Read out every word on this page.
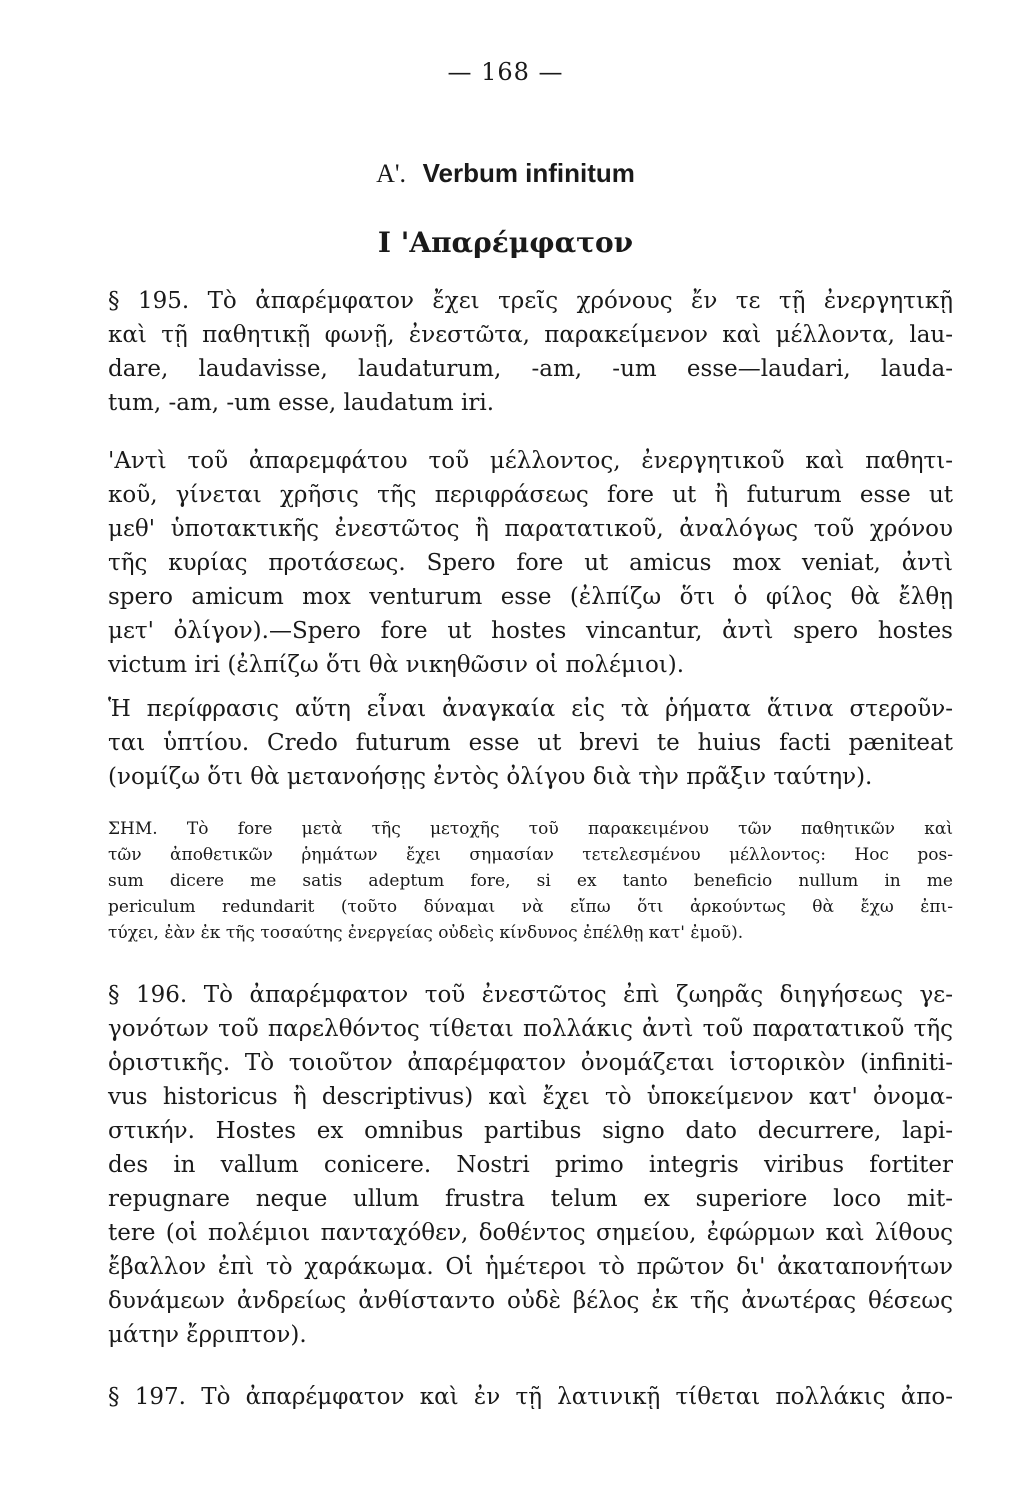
— 168 —
Α'. Verbum infinitum
Ι 'Απαρέμφατον
§ 195. Τὸ ἀπαρέμφατον ἔχει τρεῖς χρόνους ἔν τε τῇ ἐνεργητικῇ
καὶ τῇ παθητικῇ φωνῇ, ἐνεστῶτα, παρακείμενον καὶ μέλλοντα, lau-
dare, laudavisse, laudaturum, -am, -um esse—laudari, lauda-
tum, -am, -um esse, laudatum iri.
'Αντὶ τοῦ ἀπαρεμφάτου τοῦ μέλλοντος, ἐνεργητικοῦ καὶ παθητι-
κοῦ, γίνεται χρῆσις τῆς περιφράσεως fore ut ἢ futurum esse ut
μεθ' ὑποτακτικῆς ἐνεστῶτος ἢ παρατατικοῦ, ἀναλόγως τοῦ χρόνου
τῆς κυρίας προτάσεως. Spero fore ut amicus mox veniat, ἀντὶ
spero amicum mox venturum esse (ἐλπίζω ὅτι ὁ φίλος θὰ ἔλθῃ
μετ' ὀλίγον).—Spero fore ut hostes vincantur, ἀντὶ spero hostes
victum iri (ἐλπίζω ὅτι θὰ νικηθῶσιν οἱ πολέμιοι).
Ἡ περίφρασις αὕτη εἶναι ἀναγκαία εἰς τὰ ῥήματα ἅτινα στεροῦν-
ται ὑπτίου. Credo futurum esse ut brevi te huius facti pæniteat
(νομίζω ὅτι θὰ μετανοήσῃς ἐντὸς ὀλίγου διὰ τὴν πρᾶξιν ταύτην).
ΣΗΜ. Τὸ fore μετὰ τῆς μετοχῆς τοῦ παρακειμένου τῶν παθητικῶν καὶ
τῶν ἀποθετικῶν ῥημάτων ἔχει σημασίαν τετελεσμένου μέλλοντος: Hoc pos-
sum dicere me satis adeptum fore, si ex tanto beneficio nullum in me
periculum redundarit (τοῦτο δύναμαι νὰ εἴπω ὅτι ἀρκούντως θὰ ἔχω ἐπι-
τύχει, ἐὰν ἐκ τῆς τοσαύτης ἐνεργείας οὐδεὶς κίνδυνος ἐπέλθῃ κατ' ἐμοῦ).
§ 196. Τὸ ἀπαρέμφατον τοῦ ἐνεστῶτος ἐπὶ ζωηρᾶς διηγήσεως γε-
γονότων τοῦ παρελθόντος τίθεται πολλάκις ἀντὶ τοῦ παρατατικοῦ τῆς
ὁριστικῆς. Τὸ τοιοῦτον ἀπαρέμφατον ὀνομάζεται ἱστορικὸν (infiniti-
vus historicus ἢ descriptivus) καὶ ἔχει τὸ ὑποκείμενον κατ' ὀνομα-
στικήν. Hostes ex omnibus partibus signo dato decurrere, lapi-
des in vallum conicere. Nostri primo integris viribus fortiter
repugnare neque ullum frustra telum ex superiore loco mit-
tere (οἱ πολέμιοι πανταχόθεν, δοθέντος σημείου, ἐφώρμων καὶ λίθους
ἔβαλλον ἐπὶ τὸ χαράκωμα. Οἱ ἡμέτεροι τὸ πρῶτον δι' ἀκαταπονήτων
δυνάμεων ἀνδρείως ἀνθίσταντο οὐδὲ βέλος ἐκ τῆς ἀνωτέρας θέσεως
μάτην ἔρριπτον).
§ 197. Τὸ ἀπαρέμφατον καὶ ἐν τῇ λατινικῇ τίθεται πολλάκις ἀπο-
